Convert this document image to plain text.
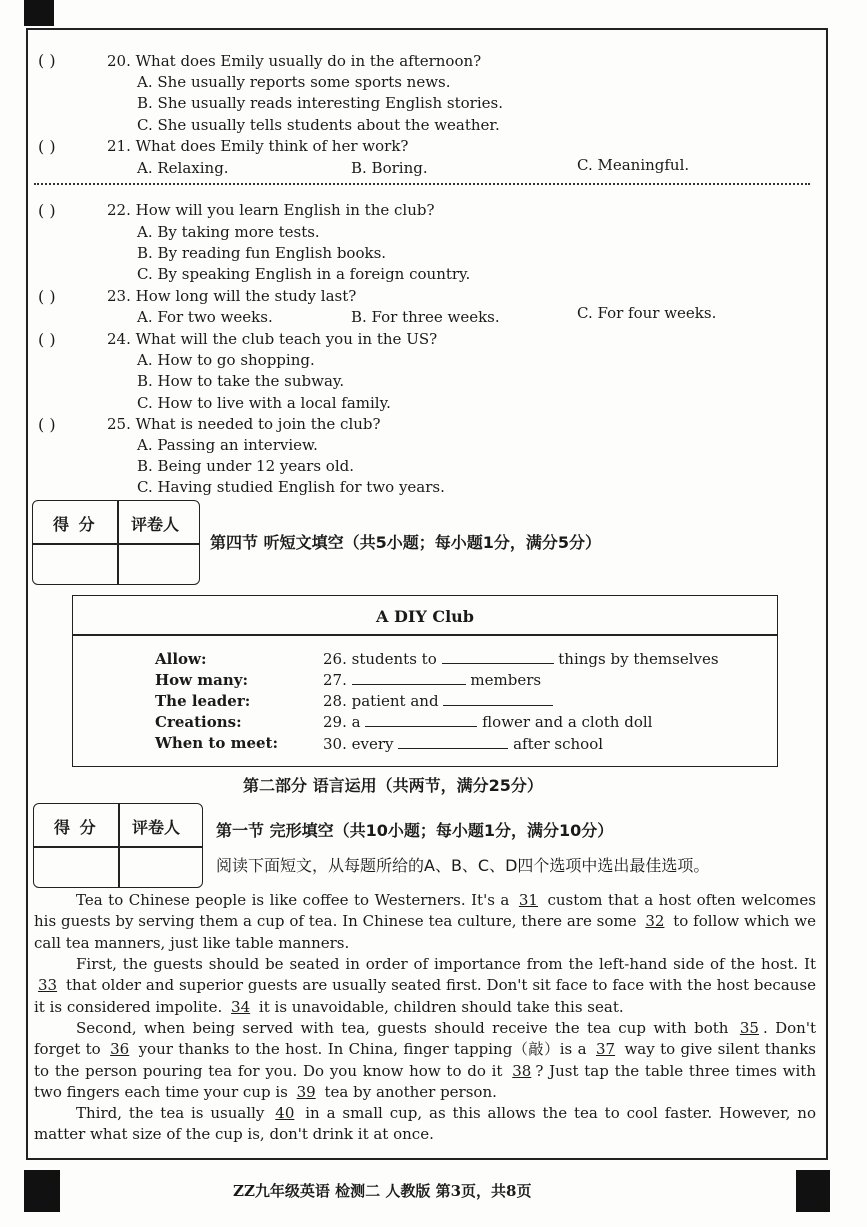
( )	20. What does Emily usually do in the afternoon?
A. She usually reports some sports news.
B. She usually reads interesting English stories.
C. She usually tells students about the weather.
( )	21. What does Emily think of her work?
A. Relaxing.	B. Boring.	C. Meaningful.
( )	22. How will you learn English in the club?
A. By taking more tests.
B. By reading fun English books.
C. By speaking English in a foreign country.
( )	23. How long will the study last?
A. For two weeks.	B. For three weeks.	C. For four weeks.
( )	24. What will the club teach you in the US?
A. How to go shopping.
B. How to take the subway.
C. How to live with a local family.
( )	25. What is needed to join the club?
A. Passing an interview.
B. Being under 12 years old.
C. Having studied English for two years.
得 分 评卷人
第四节 听短文填空（共5小题；每小题1分，满分5分）
A DIY Club
Allow:	26. students to	things by themselves
How many:	27.	members
The leader:	28. patient and
Creations:	29. a	flower and a cloth doll
When to meet:	30. every	after school
第二部分 语言运用（共两节，满分25分）
得 分 评卷人 第一节 完形填空（共10小题；每小题1分，满分10分）
阅读下面短文，从每题所给的A、B、C、D四个选项中选出最佳选项。
Tea to Chinese people is like coffee to Westerners. It's a 31 custom that a host often welcomes his guests by serving them a cup of tea. In Chinese tea culture, there are some 32 to follow which we call tea manners, just like table manners.
First, the guests should be seated in order of importance from the left-hand side of the host. It 33 that older and superior guests are usually seated first. Don't sit face to face with the host because it is considered impolite. 34 it is unavoidable, children should take this seat.
Second, when being served with tea, guests should receive the tea cup with both 35 . Don't forget to 36 your thanks to the host. In China, finger tapping（敲）is a 37 way to give silent thanks to the person pouring tea for you. Do you know how to do it 38 ? Just tap the table three times with two fingers each time your cup is 39 tea by another person.
Third, the tea is usually 40 in a small cup, as this allows the tea to cool faster. However, no matter what size of the cup is, don't drink it at once.
ZZ九年级英语 检测二 人教版 第3页，共8页
